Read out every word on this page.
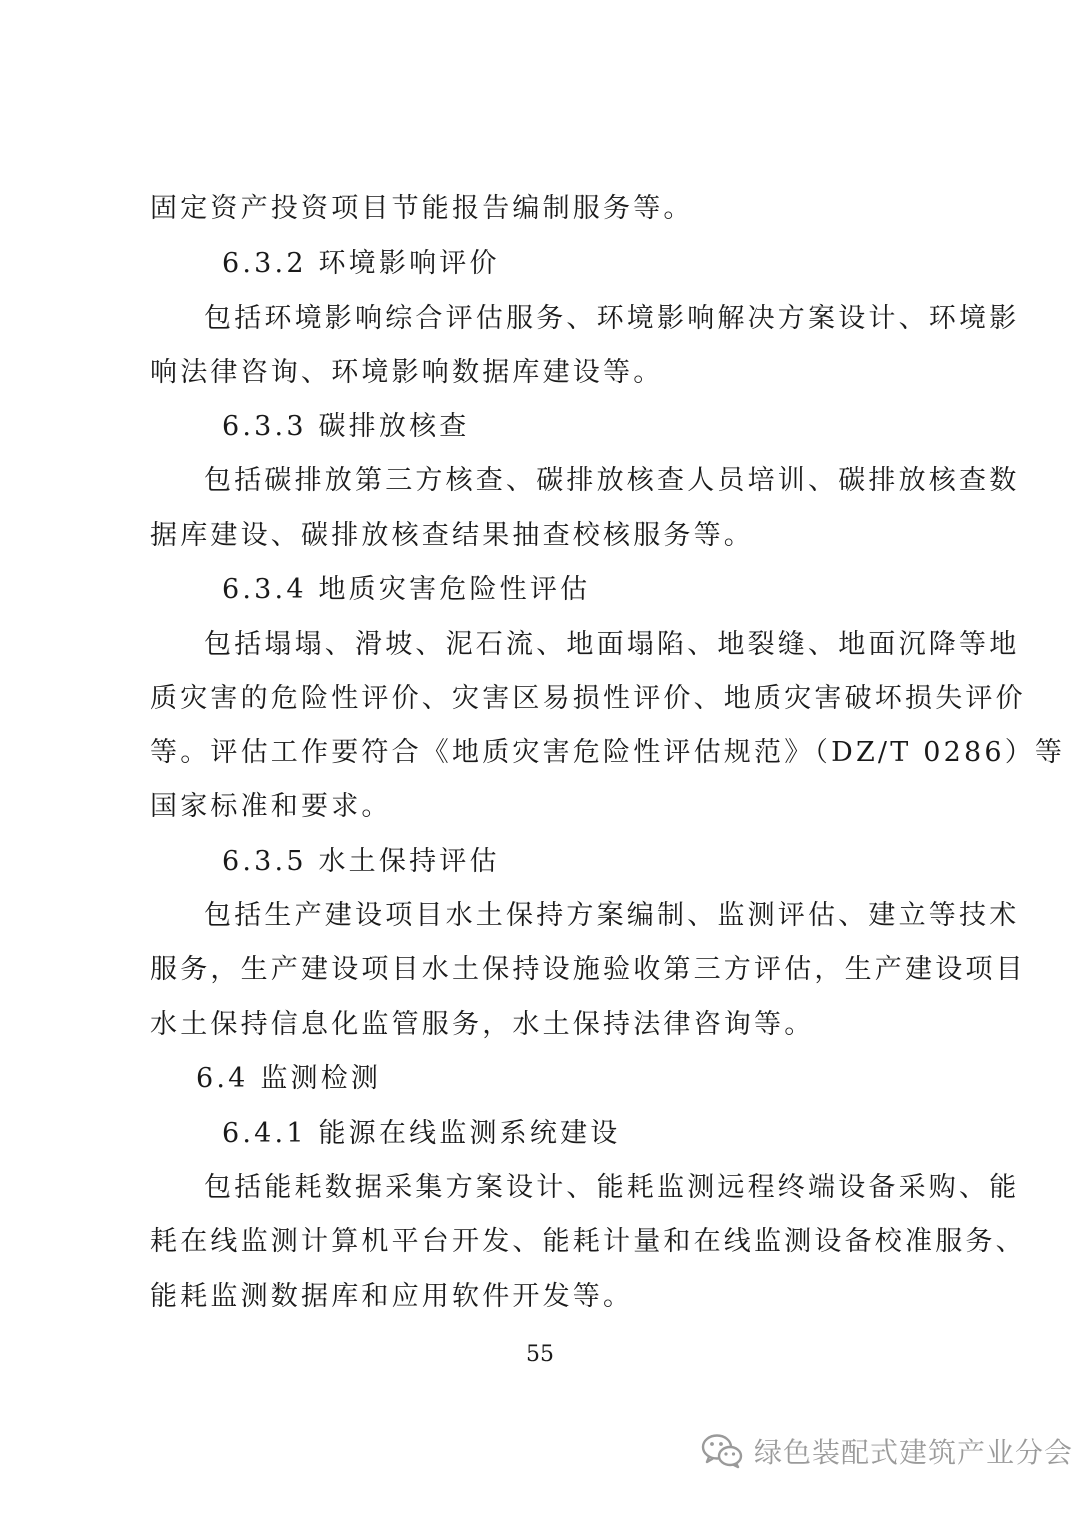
固定资产投资项目节能报告编制服务等。
6.3.2 环境影响评价
包括环境影响综合评估服务、环境影响解决方案设计、环境影
响法律咨询、环境影响数据库建设等。
6.3.3 碳排放核查
包括碳排放第三方核查、碳排放核查人员培训、碳排放核查数
据库建设、碳排放核查结果抽查校核服务等。
6.3.4 地质灾害危险性评估
包括塌塌、滑坡、泥石流、地面塌陷、地裂缝、地面沉降等地
质灾害的危险性评价、灾害区易损性评价、地质灾害破坏损失评价
等。评估工作要符合《地质灾害危险性评估规范》（DZ/T 0286）等
国家标准和要求。
6.3.5 水土保持评估
包括生产建设项目水土保持方案编制、监测评估、建立等技术
服务，生产建设项目水土保持设施验收第三方评估，生产建设项目
水土保持信息化监管服务，水土保持法律咨询等。
6.4 监测检测
6.4.1 能源在线监测系统建设
包括能耗数据采集方案设计、能耗监测远程终端设备采购、能
耗在线监测计算机平台开发、能耗计量和在线监测设备校准服务、
能耗监测数据库和应用软件开发等。
55
绿色装配式建筑产业分会
